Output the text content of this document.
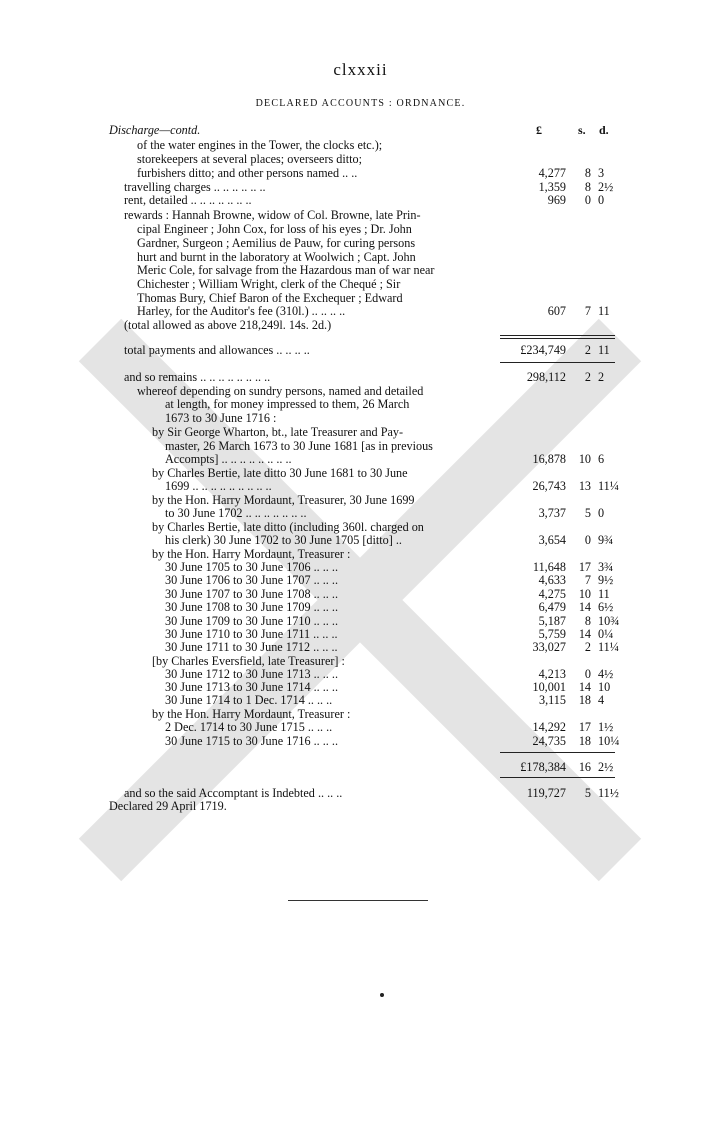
clxxxii
DECLARED ACCOUNTS : ORDNANCE.
£	s. d.
Discharge—contd.
of the water engines in the Tower, the clocks etc.);
storekeepers at several places; overseers ditto;
furbishers ditto; and other persons named .. ..	4,277 8 3
travelling charges .. .. .. .. .. ..	1,359 8 2½
rent, detailed .. .. .. .. .. .. ..	969 0 0
rewards : Hannah Browne, widow of Col. Browne, late Prin-
cipal Engineer ; John Cox, for loss of his eyes ; Dr. John
Gardner, Surgeon ; Aemilius de Pauw, for curing persons
hurt and burnt in the laboratory at Woolwich ; Capt. John
Meric Cole, for salvage from the Hazardous man of war near
Chichester ; William Wright, clerk of the Chequé ; Sir
Thomas Bury, Chief Baron of the Exchequer ; Edward
Harley, for the Auditor's fee (310l.) .. .. .. ..	607 7 11
(total allowed as above 218,249l. 14s. 2d.)
total payments and allowances .. .. .. ..	£234,749 2 11
and so remains .. .. .. .. .. .. .. ..	298,112 2 2
whereof depending on sundry persons, named and detailed
at length, for money impressed to them, 26 March
1673 to 30 June 1716 :
by Sir George Wharton, bt., late Treasurer and Pay-
master, 26 March 1673 to 30 June 1681 [as in previous
Accompts] .. .. .. .. .. .. .. ..	16,878 10 6
by Charles Bertie, late ditto 30 June 1681 to 30 June
1699 .. .. .. .. .. .. .. .. ..	26,743 13 11¼
by the Hon. Harry Mordaunt, Treasurer, 30 June 1699
to 30 June 1702 .. .. .. .. .. .. ..	3,737 5 0
by Charles Bertie, late ditto (including 360l. charged on
his clerk) 30 June 1702 to 30 June 1705 [ditto] ..	3,654 0 9¾
by the Hon. Harry Mordaunt, Treasurer :
30 June 1705 to 30 June 1706 .. .. ..	11,648 17 3¾
30 June 1706 to 30 June 1707 .. .. ..	4,633 7 9½
30 June 1707 to 30 June 1708 .. .. ..	4,275 10 11
30 June 1708 to 30 June 1709 .. .. ..	6,479 14 6½
30 June 1709 to 30 June 1710 .. .. ..	5,187 8 10¾
30 June 1710 to 30 June 1711 .. .. ..	5,759 14 0¼
30 June 1711 to 30 June 1712 .. .. ..	33,027 2 11¼
[by Charles Eversfield, late Treasurer] :
30 June 1712 to 30 June 1713 .. .. ..	4,213 0 4½
30 June 1713 to 30 June 1714 .. .. ..	10,001 14 10
30 June 1714 to 1 Dec. 1714 .. .. ..	3,115 18 4
by the Hon. Harry Mordaunt, Treasurer :
2 Dec. 1714 to 30 June 1715 .. .. ..	14,292 17 1½
30 June 1715 to 30 June 1716 .. .. ..	24,735 18 10¼
£178,384 16 2½
and so the said Accomptant is Indebted .. .. ..	119,727 5 11½
Declared 29 April 1719.
